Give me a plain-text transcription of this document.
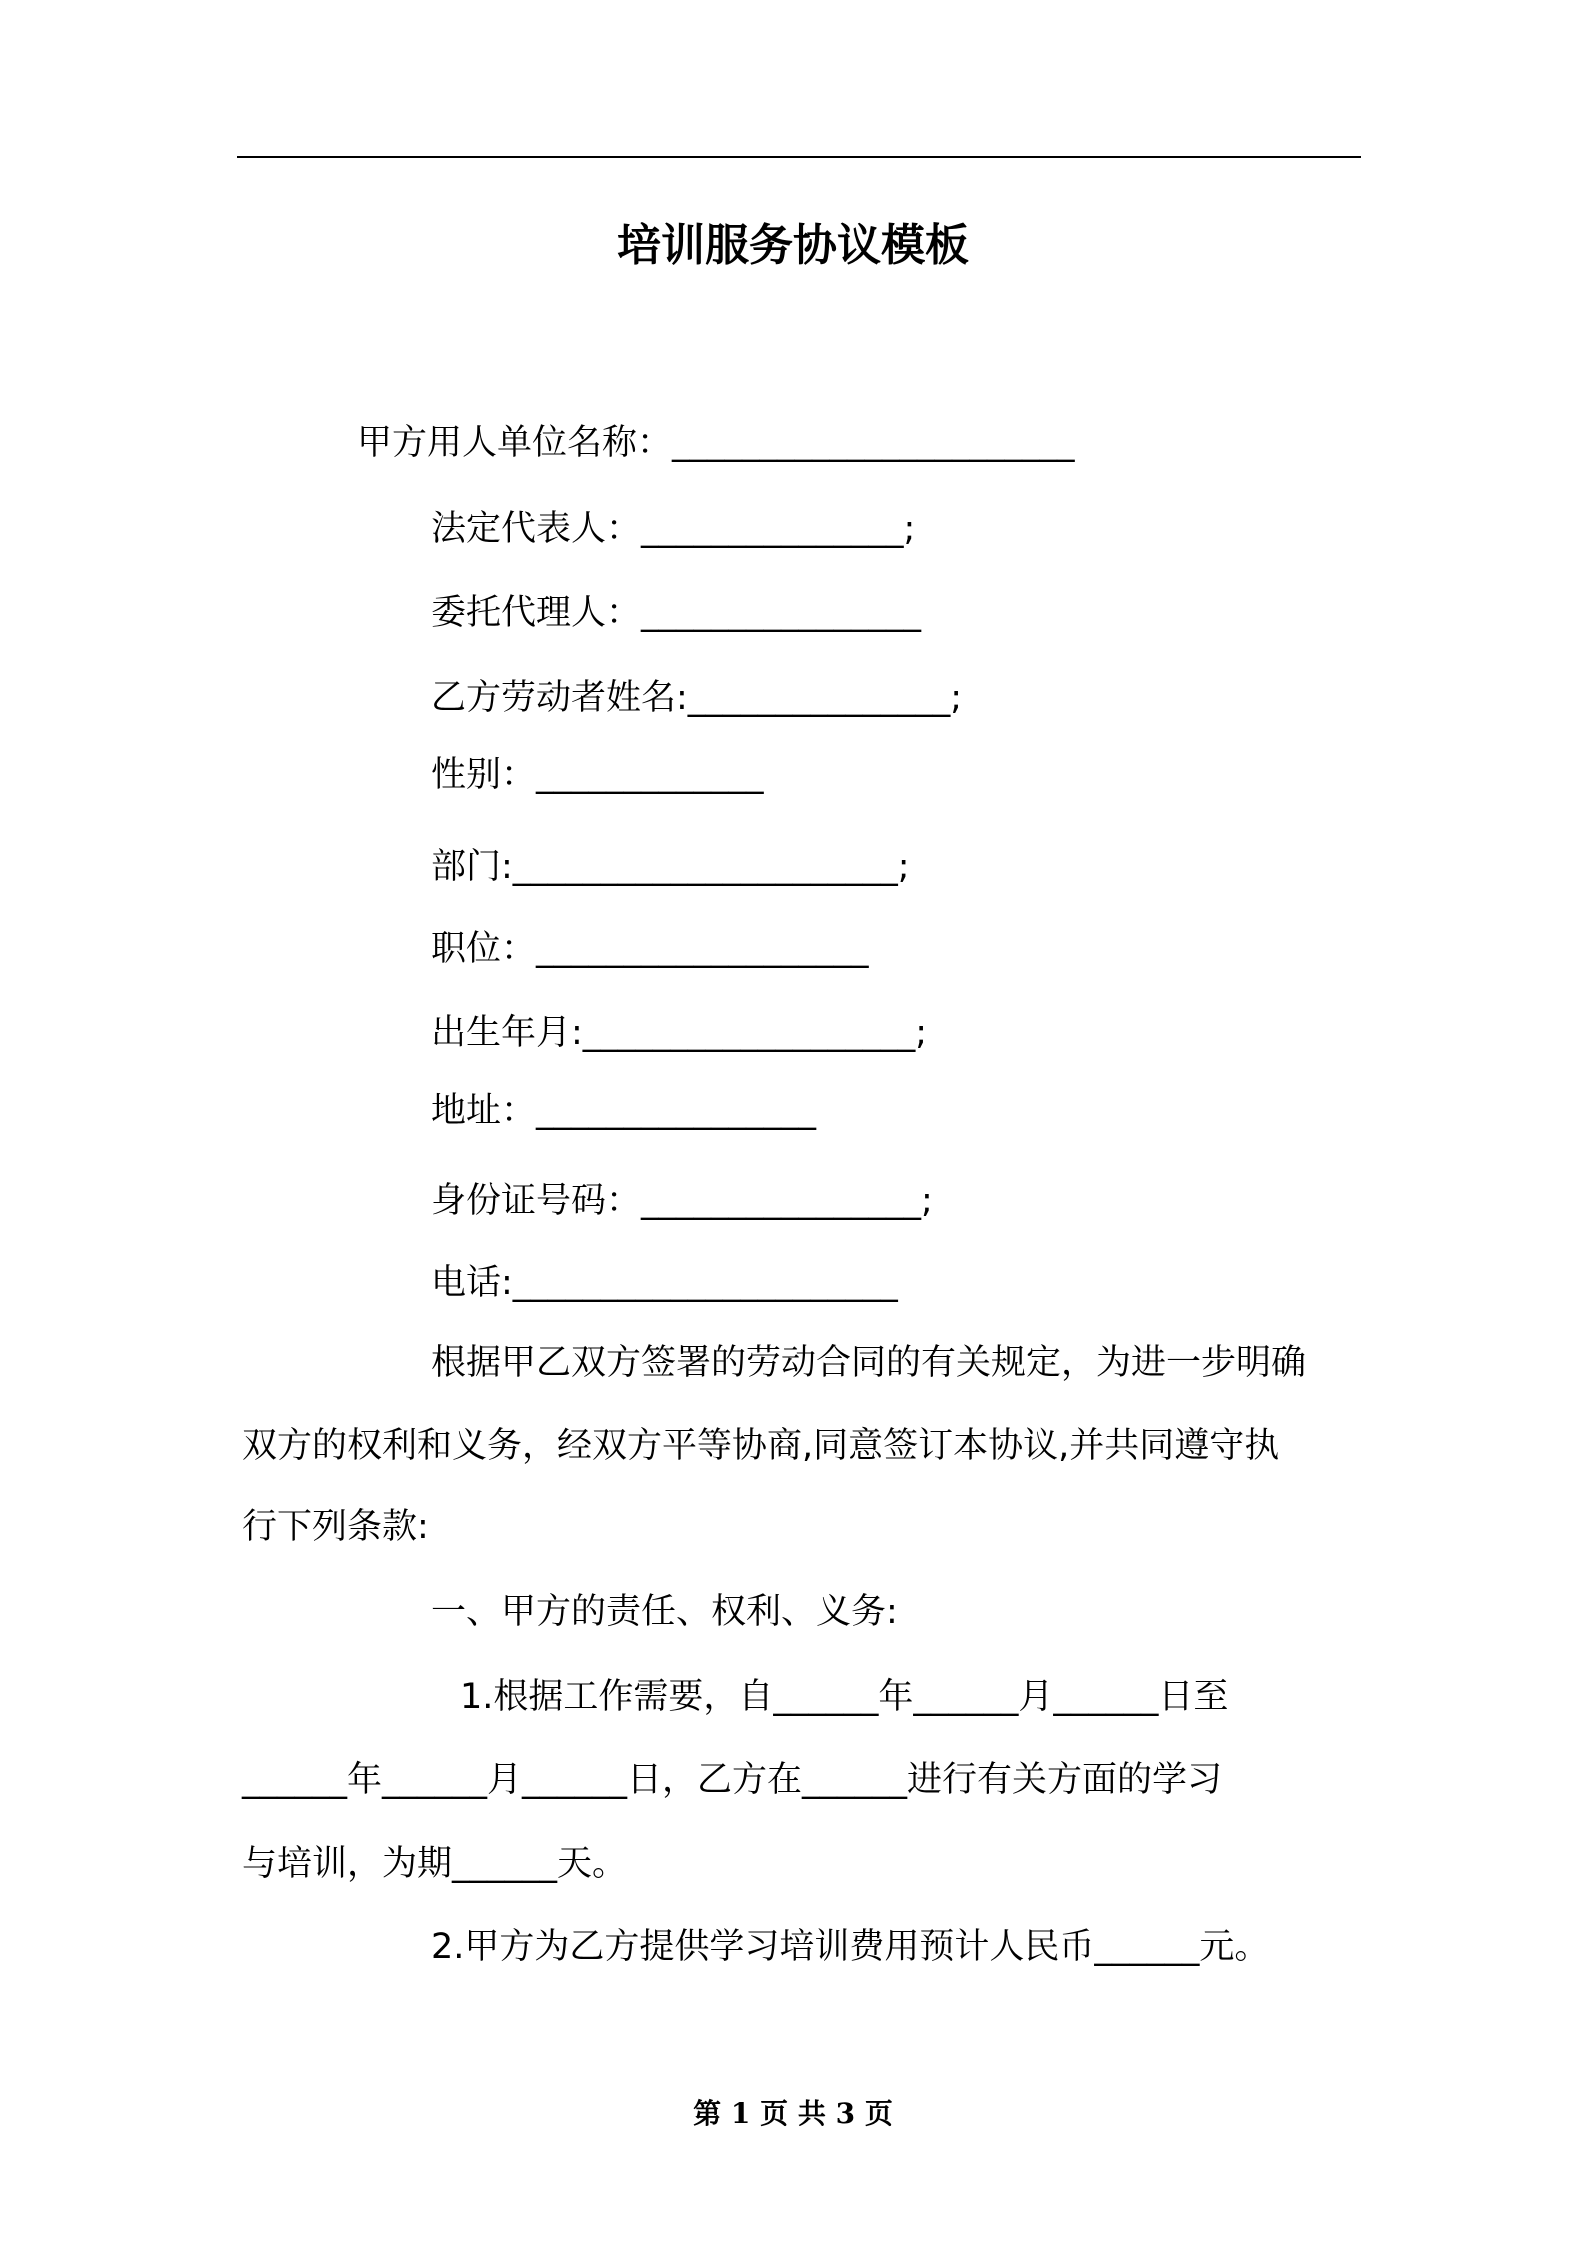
培训服务协议模板
甲方用人单位名称：_______________________
法定代表人：_______________;
委托代理人：________________
乙方劳动者姓名:_______________;
性别：_____________
部门:______________________;
职位：___________________
出生年月:___________________;
地址：________________
身份证号码：________________;
电话:______________________
根据甲乙双方签署的劳动合同的有关规定，为进一步明确
双方的权利和义务，经双方平等协商,同意签订本协议,并共同遵守执
行下列条款:
一、甲方的责任、权利、义务:
1.根据工作需要，自______年______月______日至
______年______月______日，乙方在______进行有关方面的学习
与培训，为期______天。
2.甲方为乙方提供学习培训费用预计人民币______元。
第 1 页 共 3 页
